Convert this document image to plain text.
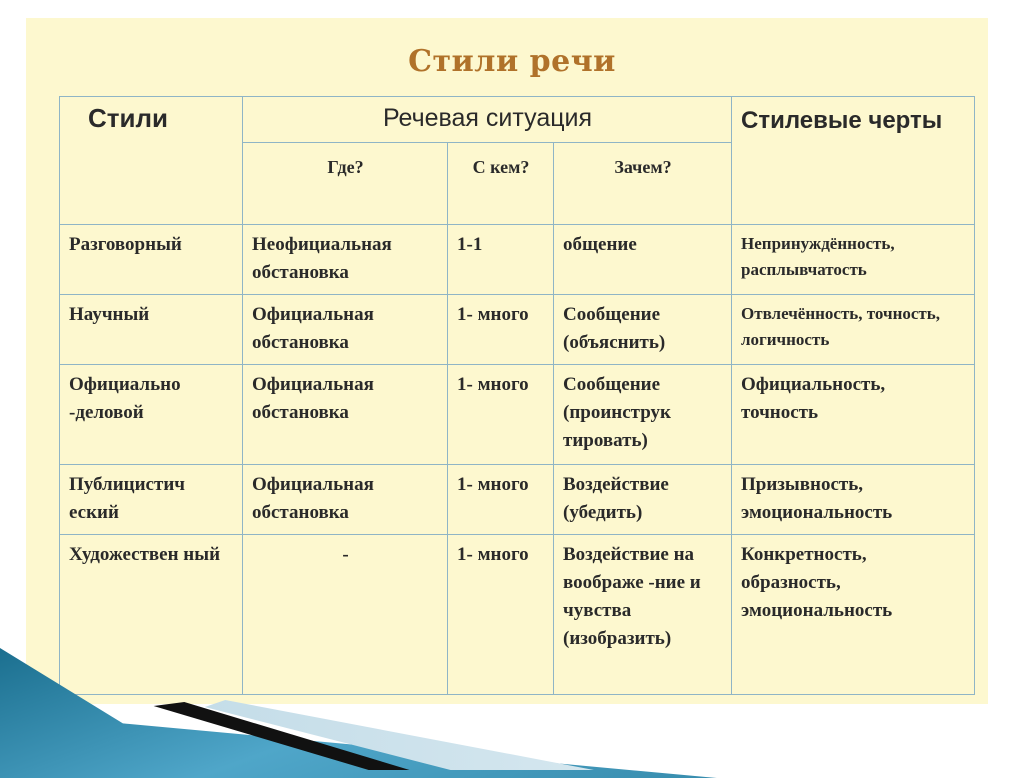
Стили речи
Стили	Речевая ситуация			Стилевые черты
	Где?	С кем?	Зачем?	
Разговорный	Неофициальная обстановка	1-1	общение	Непринуждённость, расплывчатость
Научный	Официальная обстановка	1- много	Сообщение (объяснить)	Отвлечённость, точность, логичность
Официально -деловой	Официальная обстановка	1- много	Сообщение (проинструк тировать)	Официальность, точность
Публицистич еский	Официальная обстановка	1- много	Воздействие (убедить)	Призывность, эмоциональность
Художествен ный	-	1- много	Воздействие на воображе -ние и чувства (изобразить)	Конкретность, образность, эмоциональность
